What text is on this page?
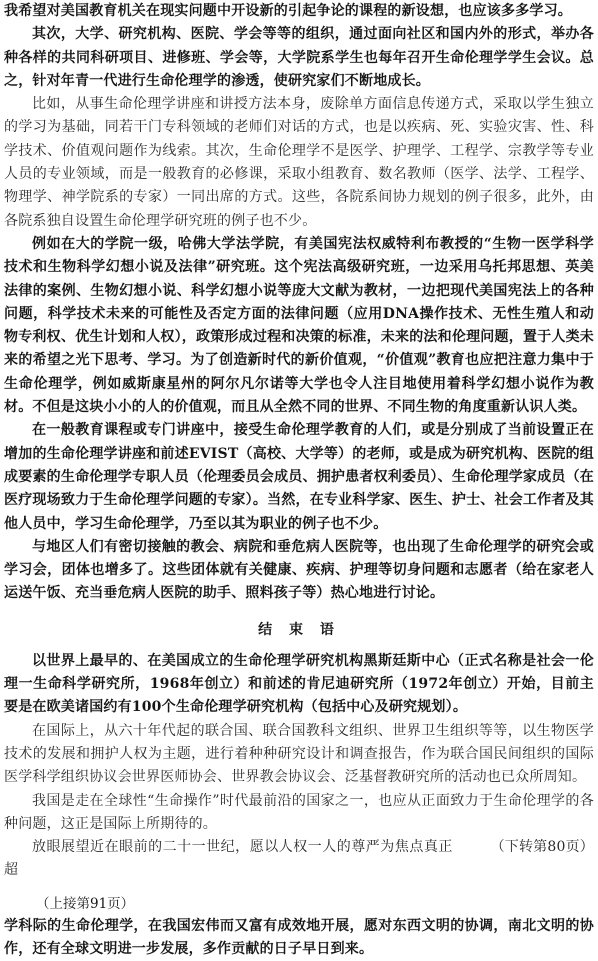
我希望对美国教育机关在现实问题中开设新的引起争论的课程的新设想，也应该多多学习。

其次，大学、研究机构、医院、学会等等的组织，通过面向社区和国内外的形式，举办各种各样的共同科研项目、进修班、学会等，大学院系学生也每年召开生命伦理学学生会议。总之，针对年青一代进行生命伦理学的渗透，使研究家们不断地成长。

比如，从事生命伦理学讲座和讲授方法本身，废除单方面信息传递方式，采取以学生独立的学习为基础，同若干门专科领域的老师们对话的方式，也是以疾病、死、实验灾害、性、科学技术、价值观问题作为线索。其次，生命伦理学不是医学、护理学、工程学、宗教学等专业人员的专业领域，而是一般教育的必修课，采取小组教育、数名教师（医学、法学、工程学、物理学、神学院系的专家）一同出席的方式。这些，各院系间协力规划的例子很多，此外，由各院系独自设置生命伦理学研究班的例子也不少。

例如在大的学院一级，哈佛大学法学院，有美国宪法权威特利布教授的“生物一医学科学技术和生物科学幻想小说及法律”研究班。这个宪法高级研究班，一边采用乌托邦思想、英美法律的案例、生物幻想小说、科学幻想小说等庞大文献为教材，一边把现代美国宪法上的各种问题，科学技术未来的可能性及否定方面的法律问题（应用DNA操作技术、无性生殖人和动物专利权、优生计划和人权），政策形成过程和决策的标准，未来的法和伦理问题，置于人类未来的希望之光下思考、学习。为了创造新时代的新价值观，“价值观”教育也应把注意力集中于生命伦理学，例如威斯康星州的阿尔凡尔诺等大学也令人注目地使用着科学幻想小说作为教材。不但是这块小小的人的价值观，而且从全然不同的世界、不同生物的角度重新认识人类。

在一般教育课程或专门讲座中，接受生命伦理学教育的人们，或是分别成了当前设置正在增加的生命伦理学讲座和前述EVIST（高校、大学等）的老师，或是成为研究机构、医院的组成要素的生命伦理学专职人员（伦理委员会成员、拥护患者权利委员）、生命伦理学家成员（在医疗现场致力于生命伦理学问题的专家）。当然，在专业科学家、医生、护士、社会工作者及其他人员中，学习生命伦理学，乃至以其为职业的例子也不少。

与地区人们有密切接触的教会、病院和垂危病人医院等，也出现了生命伦理学的研究会或学习会，团体也增多了。这些团体就有关健康、疾病、护理等切身问题和志愿者（给在家老人运送午饭、充当垂危病人医院的助手、照料孩子等）热心地进行讨论。

结 束 语

以世界上最早的、在美国成立的生命伦理学研究机构黑斯廷斯中心（正式名称是社会一伦理一生命科学研究所，1968年创立）和前述的肯尼迪研究所（1972年创立）开始，目前主要是在欧美诸国约有100个生命伦理学研究机构（包括中心及研究规划）。

在国际上，从六十年代起的联合国、联合国教科文组织、世界卫生组织等等，以生物医学技术的发展和拥护人权为主题，进行着种种研究设计和调查报告，作为联合国民间组织的国际医学科学组织协议会世界医师协会、世界教会协议会、泛基督教研究所的活动也已众所周知。

我国是走在全球性“生命操作”时代最前沿的国家之一，也应从正面致力于生命伦理学的各种问题，这正是国际上所期待的。

（下转第80页）
放眼展望近在眼前的二十一世纪，愿以人权一人的尊严为焦点真正超

（上接第91页）

学科际的生命伦理学，在我国宏伟而又富有成效地开展，愿对东西文明的协调，南北文明的协作，还有全球文明进一步发展，多作贡献的日子早日到来。
